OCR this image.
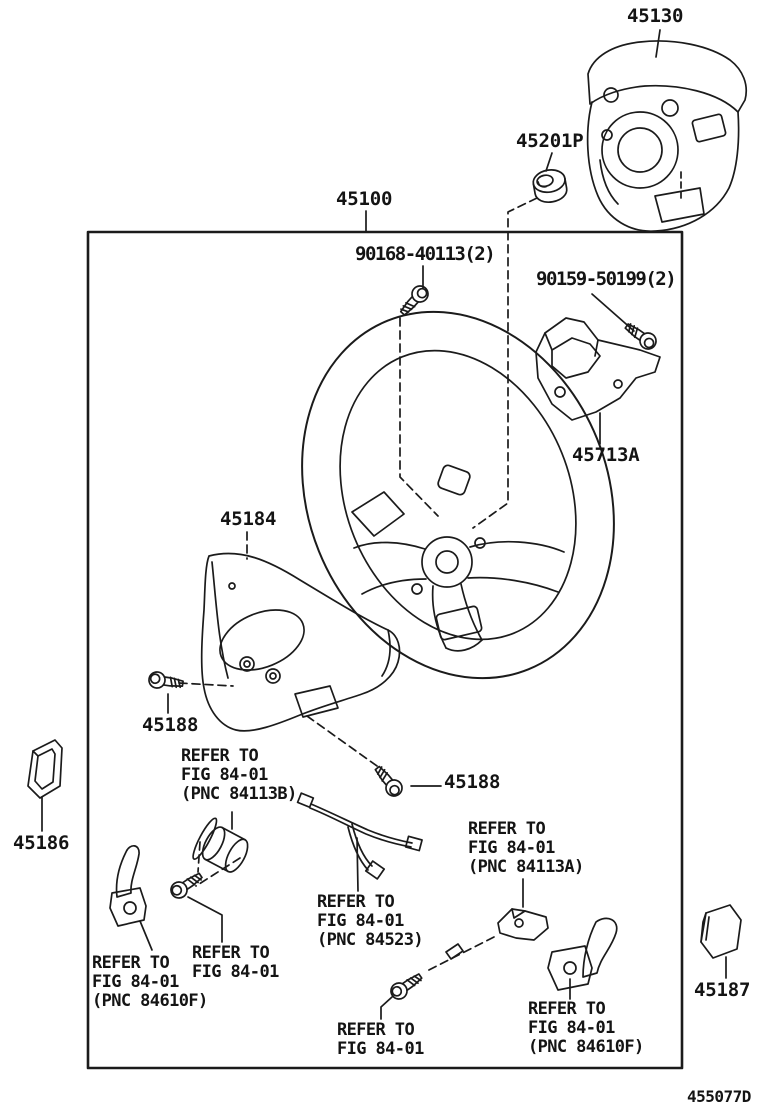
45130
45201P
45100
90168-40113(2)
90159-50199(2)
45713A
45184
45188
45186
45188
45187
455077D
REFER TO
FIG 84-01
(PNC 84113B)
REFER TO
FIG 84-01
(PNC 84523)
REFER TO
FIG 84-01
(PNC 84113A)
REFER TO
FIG 84-01
REFER TO
FIG 84-01
(PNC 84610F)
REFER TO
FIG 84-01
REFER TO
FIG 84-01
(PNC 84610F)
